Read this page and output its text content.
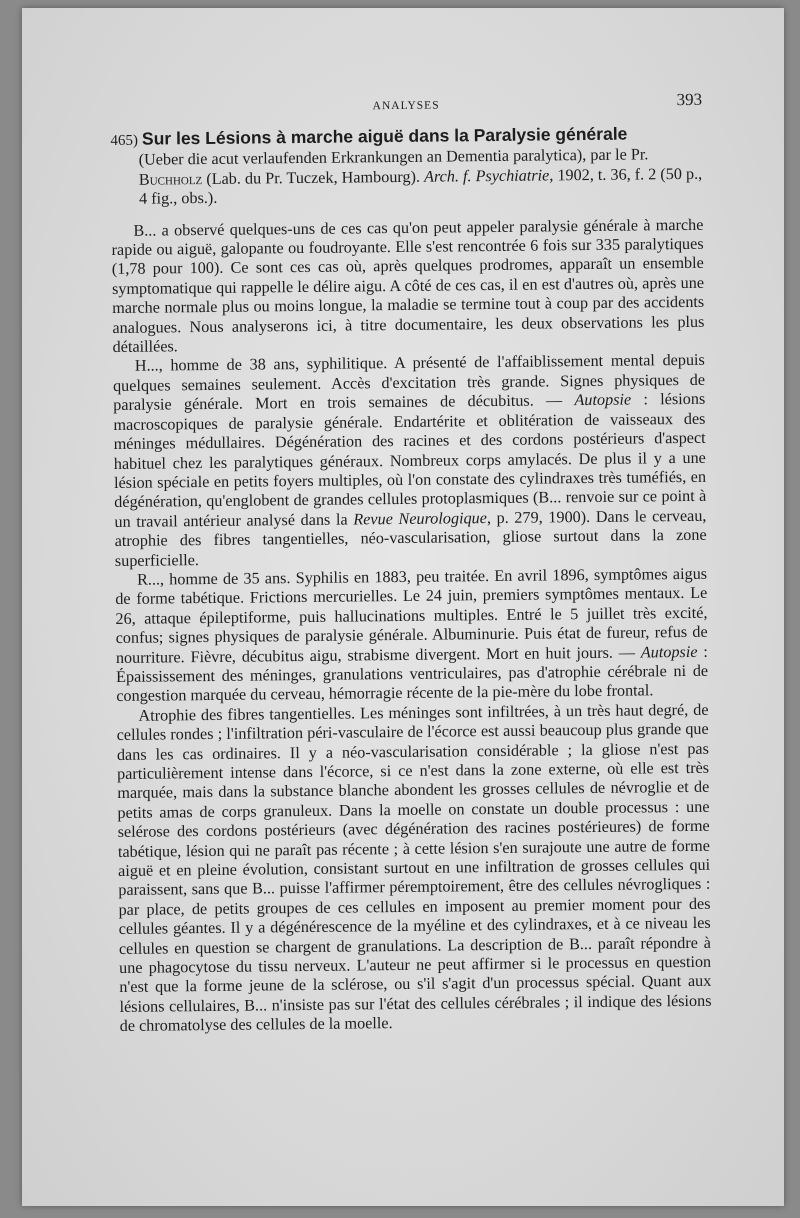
ANALYSES	393

465) Sur les Lésions à marche aiguë dans la Paralysie générale
(Ueber die acut verlaufenden Erkrankungen an Dementia paralytica), par le Pr. Buchholz (Lab. du Pr. Tuczek, Hambourg). Arch. f. Psychiatrie, 1902, t. 36, f. 2 (50 p., 4 fig., obs.).

B... a observé quelques-uns de ces cas qu'on peut appeler paralysie générale à marche rapide ou aiguë, galopante ou foudroyante. Elle s'est rencontrée 6 fois sur 335 paralytiques (1,78 pour 100). Ce sont ces cas où, après quelques prodromes, apparaît un ensemble symptomatique qui rappelle le délire aigu. A côté de ces cas, il en est d'autres où, après une marche normale plus ou moins longue, la maladie se termine tout à coup par des accidents analogues. Nous analyserons ici, à titre documentaire, les deux observations les plus détaillées.

H..., homme de 38 ans, syphilitique. A présenté de l'affaiblissement mental depuis quelques semaines seulement. Accès d'excitation très grande. Signes physiques de paralysie générale. Mort en trois semaines de décubitus. — Autopsie : lésions macroscopiques de paralysie générale. Endartérite et oblitération de vaisseaux des méninges médullaires. Dégénération des racines et des cordons postérieurs d'aspect habituel chez les paralytiques généraux. Nombreux corps amylacés. De plus il y a une lésion spéciale en petits foyers multiples, où l'on constate des cylindraxes très tuméfiés, en dégénération, qu'englobent de grandes cellules protoplasmiques (B... renvoie sur ce point à un travail antérieur analysé dans la Revue Neurologique, p. 279, 1900). Dans le cerveau, atrophie des fibres tangentielles, néo-vascularisation, gliose surtout dans la zone superficielle.

R..., homme de 35 ans. Syphilis en 1883, peu traitée. En avril 1896, symptômes aigus de forme tabétique. Frictions mercurielles. Le 24 juin, premiers symptômes mentaux. Le 26, attaque épileptiforme, puis hallucinations multiples. Entré le 5 juillet très excité, confus; signes physiques de paralysie générale. Albuminurie. Puis état de fureur, refus de nourriture. Fièvre, décubitus aigu, strabisme divergent. Mort en huit jours. — Autopsie : Épaississement des méninges, granulations ventriculaires, pas d'atrophie cérébrale ni de congestion marquée du cerveau, hémorragie récente de la pie-mère du lobe frontal.

Atrophie des fibres tangentielles. Les méninges sont infiltrées, à un très haut degré, de cellules rondes ; l'infiltration péri-vasculaire de l'écorce est aussi beaucoup plus grande que dans les cas ordinaires. Il y a néo-vascularisation considérable ; la gliose n'est pas particulièrement intense dans l'écorce, si ce n'est dans la zone externe, où elle est très marquée, mais dans la substance blanche abondent les grosses cellules de névroglie et de petits amas de corps granuleux. Dans la moelle on constate un double processus : une selérose des cordons postérieurs (avec dégénération des racines postérieures) de forme tabétique, lésion qui ne paraît pas récente ; à cette lésion s'en surajoute une autre de forme aiguë et en pleine évolution, consistant surtout en une infiltration de grosses cellules qui paraissent, sans que B... puisse l'affirmer péremptoirement, être des cellules névrogliques : par place, de petits groupes de ces cellules en imposent au premier moment pour des cellules géantes. Il y a dégénérescence de la myéline et des cylindraxes, et à ce niveau les cellules en question se chargent de granulations. La description de B... paraît répondre à une phagocytose du tissu nerveux. L'auteur ne peut affirmer si le processus en question n'est que la forme jeune de la sclérose, ou s'il s'agit d'un processus spécial. Quant aux lésions cellulaires, B... n'insiste pas sur l'état des cellules cérébrales ; il indique des lésions de chromatolyse des cellules de la moelle.
